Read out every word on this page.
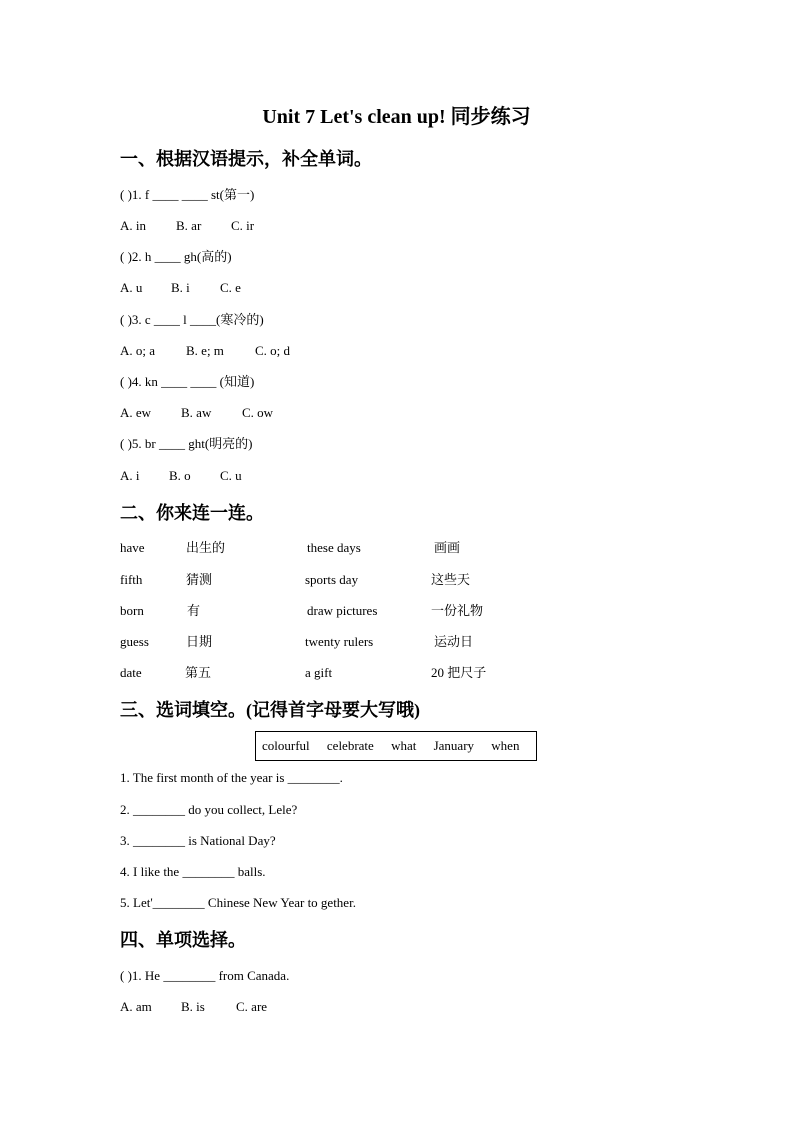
Unit 7 Let's clean up! 同步练习
一、根据汉语提示，补全单词。
( )1. f ____ ____ st(第一)
A. in B. ar C. ir
( )2. h ____ gh(高的)
A. u B. i C. e
( )3. c ____ l ____(寒冷的)
A. o; a B. e; m C. o; d
( )4. kn ____ ____ (知道)
A. ew B. aw C. ow
( )5. br ____ ght(明亮的)
A. i B. o C. u
二、你来连一连。
have	出生的	these days	画画
fifth	猜测	sports day	这些天
born	有	draw pictures	一份礼物
guess	日期	twenty rulers	运动日
date	第五	a gift	20 把尺子
三、选词填空。(记得首字母要大写哦)
colourful celebrate what January when
1. The first month of the year is ________.
2. ________ do you collect, Lele?
3. ________ is National Day?
4. I like the ________ balls.
5. Let'________ Chinese New Year to gether.
四、单项选择。
( )1. He ________ from Canada.
A. am B. is C. are
